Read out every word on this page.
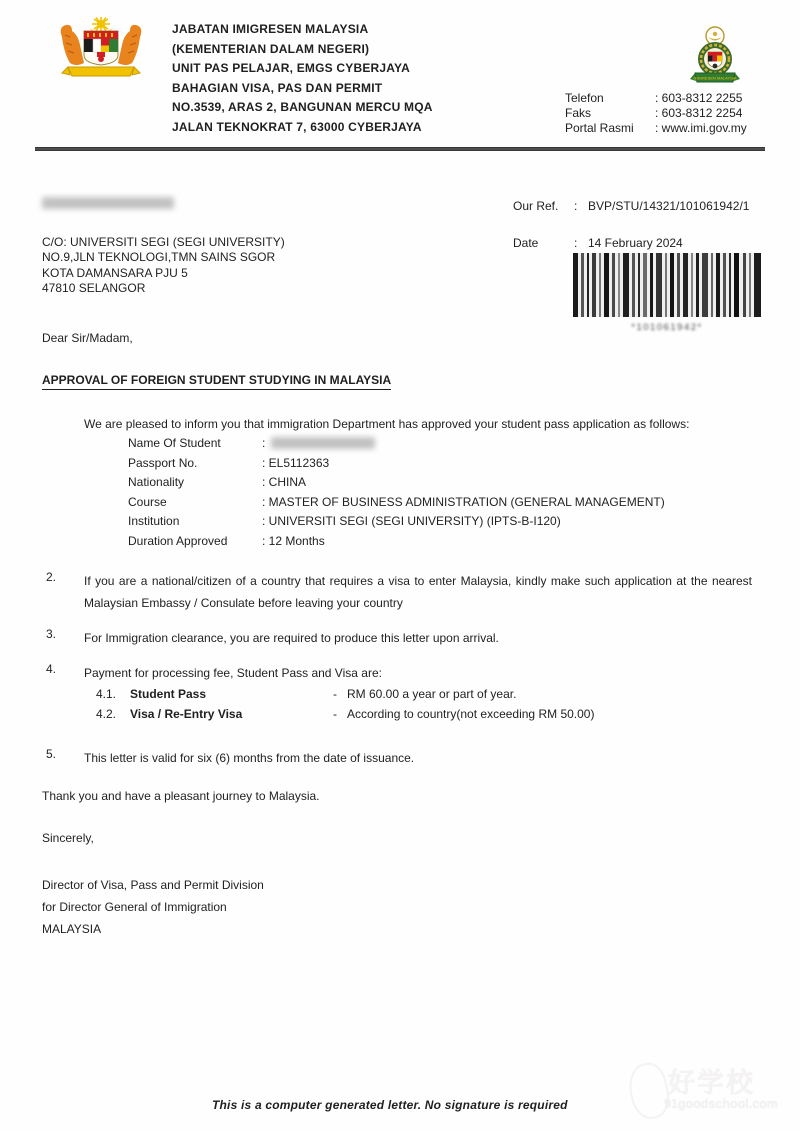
JABATAN IMIGRESEN MALAYSIA
(KEMENTERIAN DALAM NEGERI)
UNIT PAS PELAJAR, EMGS CYBERJAYA
BAHAGIAN VISA, PAS DAN PERMIT
NO.3539, ARAS 2, BANGUNAN MERCU MQA
JALAN TEKNOKRAT 7, 63000 CYBERJAYA
IMIGRESEN MALAYSIA
Telefon	: 603-8312 2255
Faks	: 603-8312 2254
Portal Rasmi	: www.imi.gov.my
Our Ref.	: BVP/STU/14321/101061942/1
C/O: UNIVERSITI SEGI (SEGI UNIVERSITY)
NO.9,JLN TEKNOLOGI,TMN SAINS SGOR
KOTA DAMANSARA PJU 5
47810 SELANGOR
Date	: 14 February 2024
*101061942*
Dear Sir/Madam,
APPROVAL OF FOREIGN STUDENT STUDYING IN MALAYSIA
We are pleased to inform you that immigration Department has approved your student pass application as follows:
Name Of Student	:
Passport No.	: EL5112363
Nationality	: CHINA
Course	: MASTER OF BUSINESS ADMINISTRATION (GENERAL MANAGEMENT)
Institution	: UNIVERSITI SEGI (SEGI UNIVERSITY) (IPTS-B-I120)
Duration Approved	: 12 Months
2. If you are a national/citizen of a country that requires a visa to enter Malaysia, kindly make such application at the nearest Malaysian Embassy / Consulate before leaving your country
3. For Immigration clearance, you are required to produce this letter upon arrival.
4. Payment for processing fee, Student Pass and Visa are:
4.1. Student Pass	- RM 60.00 a year or part of year.
4.2. Visa / Re-Entry Visa	- According to country(not exceeding RM 50.00)
5. This letter is valid for six (6) months from the date of issuance.
Thank you and have a pleasant journey to Malaysia.
Sincerely,
Director of Visa, Pass and Permit Division
for Director General of Immigration
MALAYSIA
This is a computer generated letter. No signature is required
好学校
91goodschool.com
